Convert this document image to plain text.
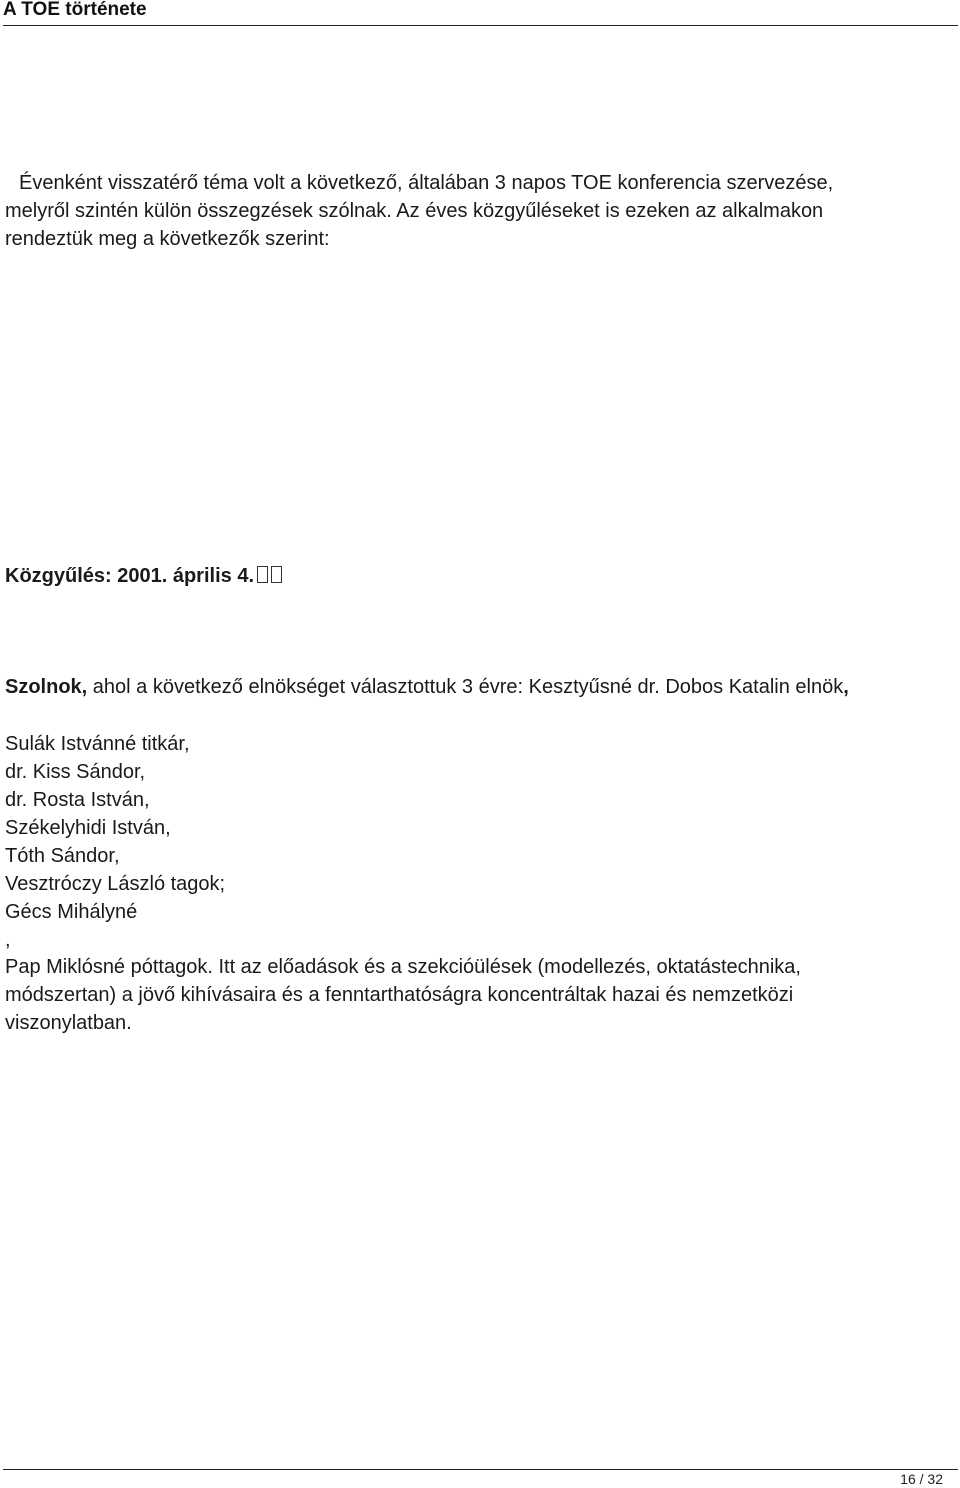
A TOE története

Évenként visszatérő téma volt a következő, általában 3 napos TOE konferencia szervezése,

melyről szintén külön összegzések szólnak. Az éves közgyűléseket is ezeken az alkalmakon

rendeztük meg a következők szerint:

Közgyűlés: 2001. április 4.
Szolnok, ahol a következő elnökséget választottuk 3 évre: Kesztyűsné dr. Dobos Katalin elnök,
Sulák Istvánné titkár,
dr. Kiss Sándor,
dr. Rosta István,
Székelyhidi István,
Tóth Sándor,
Vesztróczy László tagok;
Gécs Mihályné
,
Pap Miklósné póttagok. Itt az előadások és a szekcióülések (modellezés, oktatástechnika,
módszertan) a jövő kihívásaira és a fenntarthatóságra koncentráltak hazai és nemzetközi
viszonylatban.
16 / 32
